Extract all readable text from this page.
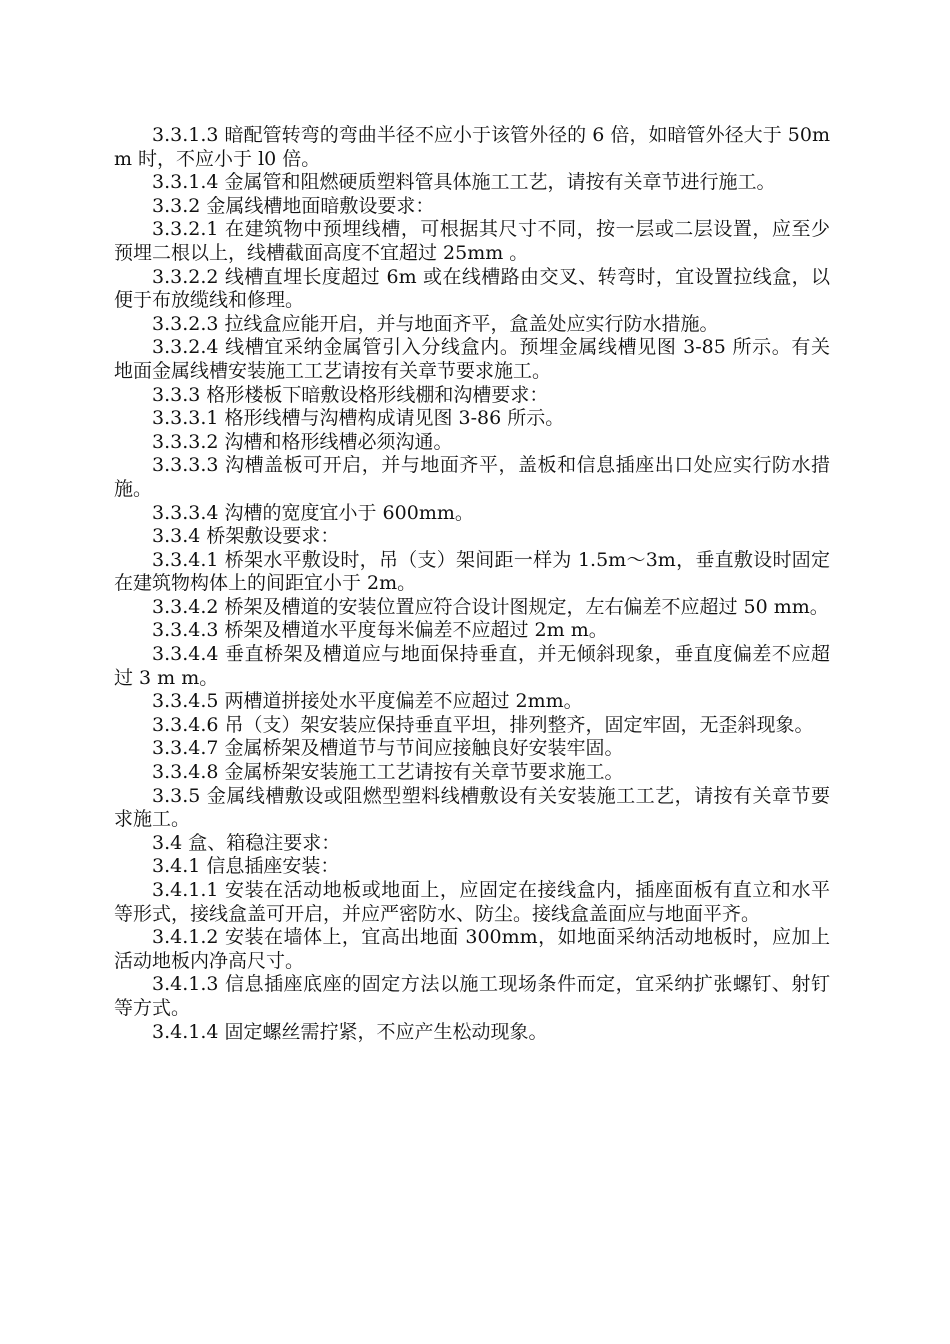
3.3.1.3 暗配管转弯的弯曲半径不应小于该管外径的 6 倍，如暗管外径大于 50mm 时，不应小于 l0 倍。

3.3.1.4 金属管和阻燃硬质塑料管具体施工工艺，请按有关章节进行施工。

3.3.2 金属线槽地面暗敷设要求：

3.3.2.1 在建筑物中预埋线槽，可根据其尺寸不同，按一层或二层设置，应至少预埋二根以上，线槽截面高度不宜超过 25mm 。

3.3.2.2 线槽直埋长度超过 6m 或在线槽路由交叉、转弯时，宜设置拉线盒，以便于布放缆线和修理。

3.3.2.3 拉线盒应能开启，并与地面齐平，盒盖处应实行防水措施。

3.3.2.4 线槽宜采纳金属管引入分线盒内。预埋金属线槽见图 3-85 所示。有关地面金属线槽安装施工工艺请按有关章节要求施工。

3.3.3 格形楼板下暗敷设格形线棚和沟槽要求：

3.3.3.1 格形线槽与沟槽构成请见图 3-86 所示。

3.3.3.2 沟槽和格形线槽必须沟通。

3.3.3.3 沟槽盖板可开启，并与地面齐平，盖板和信息插座出口处应实行防水措施。

3.3.3.4 沟槽的宽度宜小于 600mm。

3.3.4 桥架敷设要求：

3.3.4.1 桥架水平敷设时，吊（支）架间距一样为 1.5m～3m，垂直敷设时固定在建筑物构体上的间距宜小于 2m。

3.3.4.2 桥架及槽道的安装位置应符合设计图规定，左右偏差不应超过 50 mm。

3.3.4.3 桥架及槽道水平度每米偏差不应超过 2m m。

3.3.4.4 垂直桥架及槽道应与地面保持垂直，并无倾斜现象，垂直度偏差不应超过 3 m m。

3.3.4.5 两槽道拼接处水平度偏差不应超过 2mm。

3.3.4.6 吊（支）架安装应保持垂直平坦，排列整齐，固定牢固，无歪斜现象。

3.3.4.7 金属桥架及槽道节与节间应接触良好安装牢固。

3.3.4.8 金属桥架安装施工工艺请按有关章节要求施工。

3.3.5 金属线槽敷设或阻燃型塑料线槽敷设有关安装施工工艺，请按有关章节要求施工。

3.4 盒、箱稳注要求：

3.4.1 信息插座安装：

3.4.1.1 安装在活动地板或地面上，应固定在接线盒内，插座面板有直立和水平等形式，接线盒盖可开启，并应严密防水、防尘。接线盒盖面应与地面平齐。

3.4.1.2 安装在墙体上，宜高出地面 300mm，如地面采纳活动地板时，应加上活动地板内净高尺寸。

3.4.1.3 信息插座底座的固定方法以施工现场条件而定，宜采纳扩张螺钉、射钉等方式。

3.4.1.4 固定螺丝需拧紧，不应产生松动现象。
